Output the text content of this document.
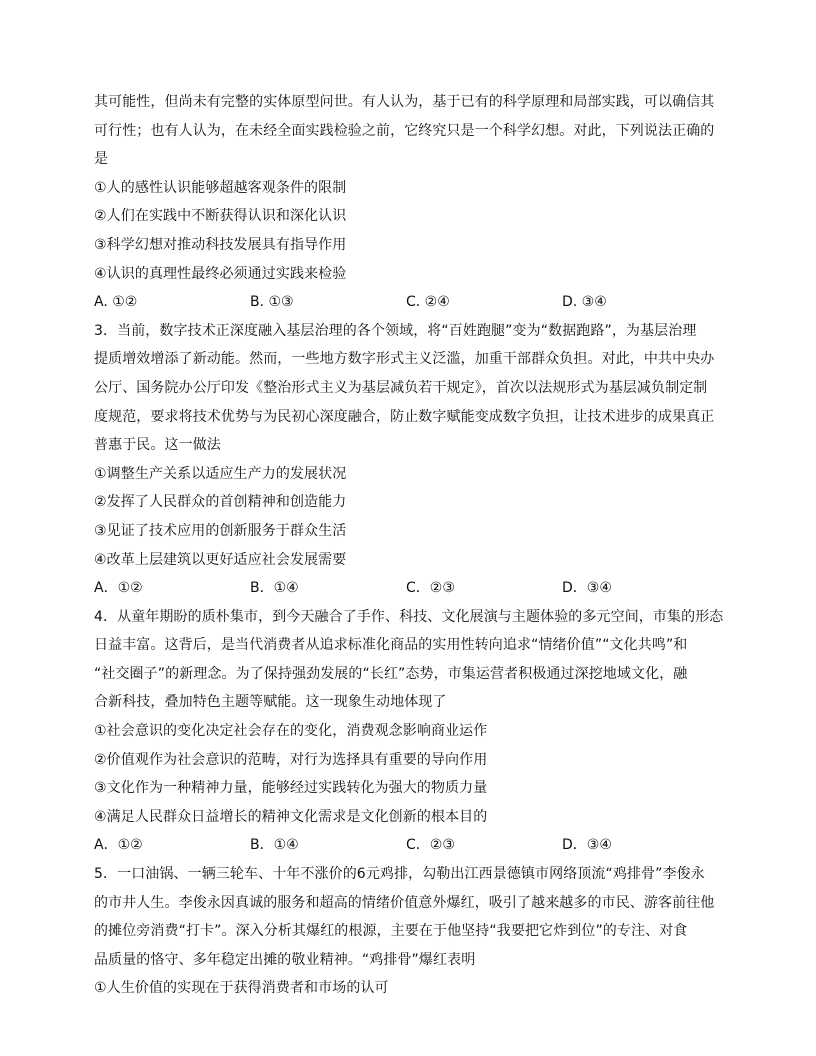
其可能性，但尚未有完整的实体原型问世。有人认为，基于已有的科学原理和局部实践，可以确信其
可行性；也有人认为，在未经全面实践检验之前，它终究只是一个科学幻想。对此，下列说法正确的
是
①人的感性认识能够超越客观条件的限制
②人们在实践中不断获得认识和深化认识
③科学幻想对推动科技发展具有指导作用
④认识的真理性最终必须通过实践来检验
A. ①②	B. ①③	C. ②④	D. ③④
3．当前，数字技术正深度融入基层治理的各个领域，将“百姓跑腿”变为“数据跑路”，为基层治理
提质增效增添了新动能。然而，一些地方数字形式主义泛滥，加重干部群众负担。对此，中共中央办
公厅、国务院办公厅印发《整治形式主义为基层减负若干规定》，首次以法规形式为基层减负制定制
度规范，要求将技术优势与为民初心深度融合，防止数字赋能变成数字负担，让技术进步的成果真正
普惠于民。这一做法
①调整生产关系以适应生产力的发展状况
②发挥了人民群众的首创精神和创造能力
③见证了技术应用的创新服务于群众生活
④改革上层建筑以更好适应社会发展需要
A．①②	B．①④	C．②③	D．③④
4．从童年期盼的质朴集市，到今天融合了手作、科技、文化展演与主题体验的多元空间，市集的形态
日益丰富。这背后，是当代消费者从追求标准化商品的实用性转向追求“情绪价值”“文化共鸣”和
“社交圈子”的新理念。为了保持强劲发展的“长红”态势，市集运营者积极通过深挖地域文化，融
合新科技，叠加特色主题等赋能。这一现象生动地体现了
①社会意识的变化决定社会存在的变化，消费观念影响商业运作
②价值观作为社会意识的范畴，对行为选择具有重要的导向作用
③文化作为一种精神力量，能够经过实践转化为强大的物质力量
④满足人民群众日益增长的精神文化需求是文化创新的根本目的
A．①②	B．①④	C．②③	D．③④
5．一口油锅、一辆三轮车、十年不涨价的6元鸡排，勾勒出江西景德镇市网络顶流“鸡排骨”李俊永
的市井人生。李俊永因真诚的服务和超高的情绪价值意外爆红，吸引了越来越多的市民、游客前往他
的摊位旁消费“打卡”。深入分析其爆红的根源，主要在于他坚持“我要把它炸到位”的专注、对食
品质量的恪守、多年稳定出摊的敬业精神。“鸡排骨”爆红表明
①人生价值的实现在于获得消费者和市场的认可
